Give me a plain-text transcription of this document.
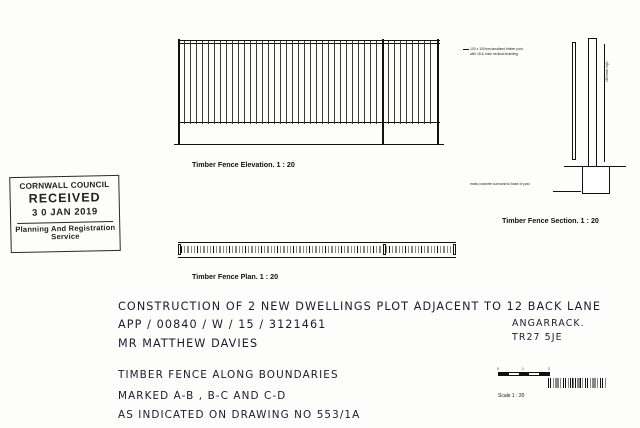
CORNWALL COUNCIL
RECEIVED
3 0 JAN 2019
Planning And Registration Service
Timber Fence Elevation. 1 : 20
1800mm high
100 x 100mm tanalised timber post
with 18 & mice vertical boarding
mass concrete surround to base of post
Timber Fence Section. 1 : 20
Timber Fence Plan. 1 : 20
CONSTRUCTION OF 2 NEW DWELLINGS PLOT ADJACENT TO 12 BACK LANE
APP / 00840 / W / 15 / 3121461
MR MATTHEW DAVIES
ANGARRACK.
TR27 5JE
TIMBER FENCE ALONG BOUNDARIES
MARKED A-B , B-C AND C-D
AS INDICATED ON DRAWING NO 553/1A
0	1	2
Scale 1 : 20
